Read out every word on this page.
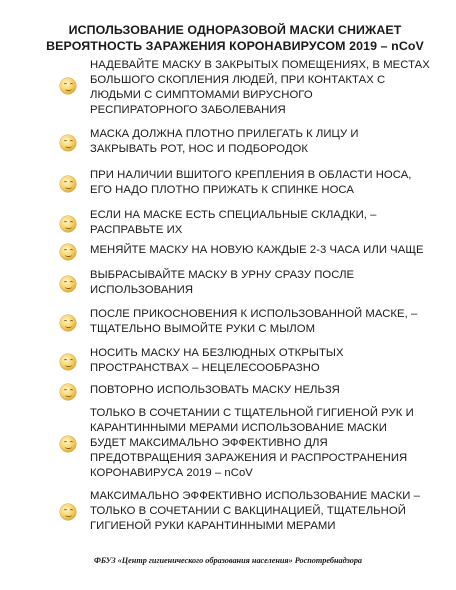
ИСПОЛЬЗОВАНИЕ ОДНОРАЗОВОЙ МАСКИ СНИЖАЕТ
ВЕРОЯТНОСТЬ ЗАРАЖЕНИЯ КОРОНАВИРУСОМ 2019 – nCoV
НАДЕВАЙТЕ МАСКУ В ЗАКРЫТЫХ ПОМЕЩЕНИЯХ, В МЕСТАХ
БОЛЬШОГО СКОПЛЕНИЯ ЛЮДЕЙ, ПРИ КОНТАКТАХ С
ЛЮДЬМИ С СИМПТОМАМИ ВИРУСНОГО
РЕСПИРАТОРНОГО ЗАБОЛЕВАНИЯ
МАСКА ДОЛЖНА ПЛОТНО ПРИЛЕГАТЬ К ЛИЦУ И
ЗАКРЫВАТЬ РОТ, НОС И ПОДБОРОДОК
ПРИ НАЛИЧИИ ВШИТОГО КРЕПЛЕНИЯ В ОБЛАСТИ НОСА,
ЕГО НАДО ПЛОТНО ПРИЖАТЬ К СПИНКЕ НОСА
ЕСЛИ НА МАСКЕ ЕСТЬ СПЕЦИАЛЬНЫЕ СКЛАДКИ, –
РАСПРАВЬТЕ ИХ
МЕНЯЙТЕ МАСКУ НА НОВУЮ КАЖДЫЕ 2-3 ЧАСА ИЛИ ЧАЩЕ
ВЫБРАСЫВАЙТЕ МАСКУ В УРНУ СРАЗУ ПОСЛЕ
ИСПОЛЬЗОВАНИЯ
ПОСЛЕ ПРИКОСНОВЕНИЯ К ИСПОЛЬЗОВАННОЙ МАСКЕ, –
ТЩАТЕЛЬНО ВЫМОЙТЕ РУКИ С МЫЛОМ
НОСИТЬ МАСКУ НА БЕЗЛЮДНЫХ ОТКРЫТЫХ
ПРОСТРАНСТВАХ – НЕЦЕЛЕСООБРАЗНО
ПОВТОРНО ИСПОЛЬЗОВАТЬ МАСКУ НЕЛЬЗЯ
ТОЛЬКО В СОЧЕТАНИИ С ТЩАТЕЛЬНОЙ ГИГИЕНОЙ РУК И
КАРАНТИННЫМИ МЕРАМИ ИСПОЛЬЗОВАНИЕ МАСКИ
БУДЕТ МАКСИМАЛЬНО ЭФФЕКТИВНО ДЛЯ
ПРЕДОТВРАЩЕНИЯ ЗАРАЖЕНИЯ И РАСПРОСТРАНЕНИЯ
КОРОНАВИРУСА 2019 – nCoV
МАКСИМАЛЬНО ЭФФЕКТИВНО ИСПОЛЬЗОВАНИЕ МАСКИ –
ТОЛЬКО В СОЧЕТАНИИ С ВАКЦИНАЦИЕЙ, ТЩАТЕЛЬНОЙ
ГИГИЕНОЙ РУКИ КАРАНТИННЫМИ МЕРАМИ
ФБУЗ «Центр гигиенического образования населения» Роспотребнадзора
